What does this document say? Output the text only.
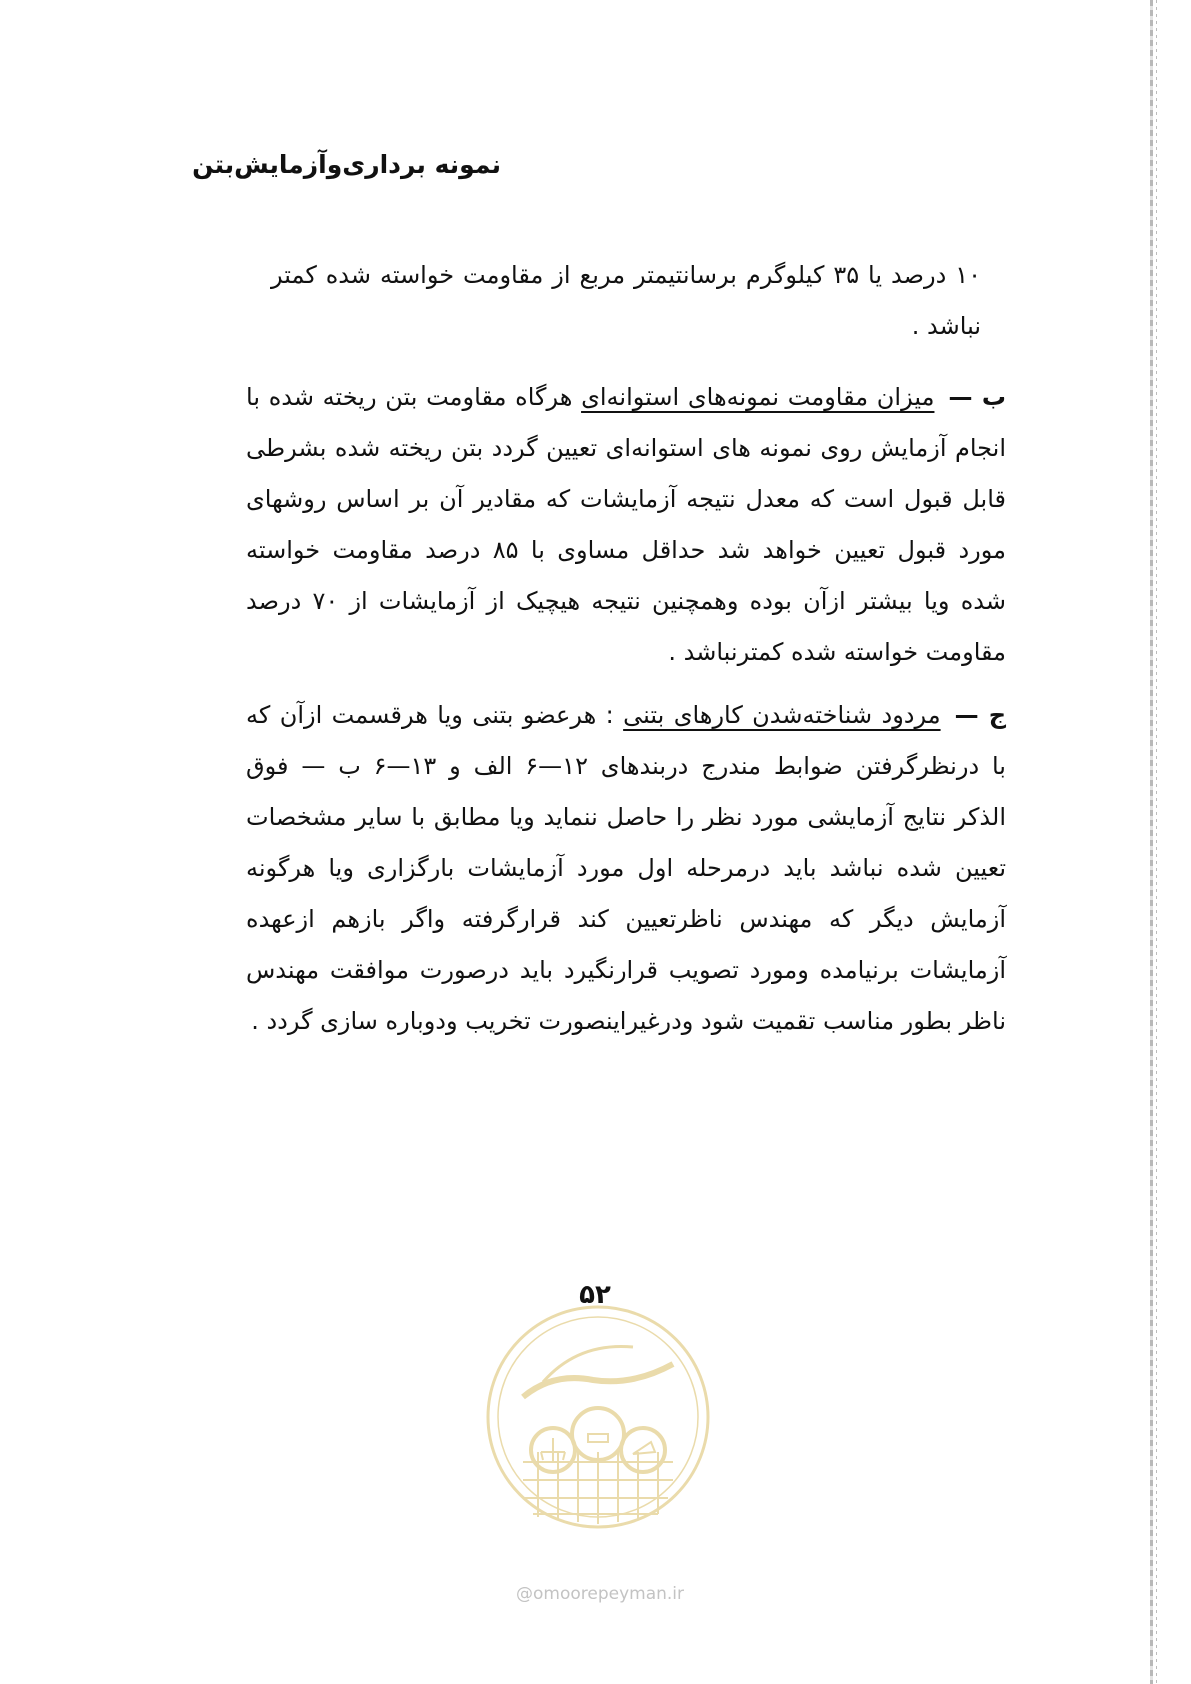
نمونه برداری‌وآزمایش‌بتن
۱۰ درصد یا ۳۵ کیلوگرم برسانتیمتر مربع از مقاومت خواسته شده کمتر نباشد .
ب —میزان مقاومت نمونه‌های استوانه‌ای هرگاه مقاومت بتن ریخته شده با انجام آزمایش روی نمونه های استوانه‌ای تعیین گردد بتن ریخته شده بشرطی قابل قبول است که معدل نتیجه آزمایشات که مقادیر آن بر اساس روشهای مورد قبول تعیین خواهد شد حداقل مساوی با ۸۵ درصد مقاومت خواسته شده ویا بیشتر ازآن بوده وهمچنین نتیجه هیچیک از آزمایشات از ۷۰ درصد مقاومت خواسته شده کمترنباشد .
ج —مردود شناخته‌شدن کارهای بتنی : هرعضو بتنی ویا هرقسمت ازآن که با درنظرگرفتن ضوابط مندرج دربندهای ۱۲—۶ الف و ۱۳—۶ ب — فوق الذکر نتایج آزمایشی مورد نظر را حاصل ننماید ویا مطابق با سایر مشخصات تعیین شده نباشد باید درمرحله اول مورد آزمایشات بارگزاری ویا هرگونه آزمایش دیگر که مهندس ناظرتعیین کند قرارگرفته واگر بازهم ازعهده آزمایشات برنیامده ومورد تصویب قرارنگیرد باید درصورت موافقت مهندس ناظر بطور مناسب تقمیت شود ودرغیراینصورت تخریب ودوباره سازی گردد .
۵۲
@omoorepeyman.ir
